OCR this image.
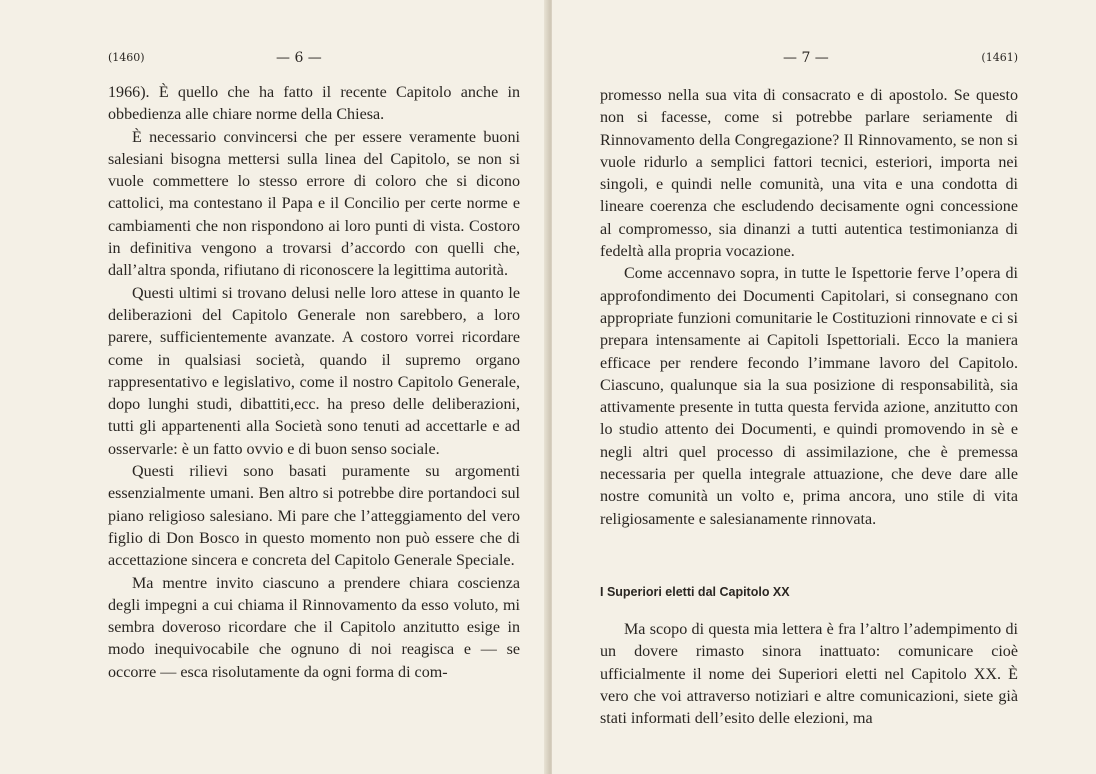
(1460)	— 6 —

1966). È quello che ha fatto il recente Capitolo anche in obbedienza alle chiare norme della Chiesa.

È necessario convincersi che per essere veramente buoni salesiani bisogna mettersi sulla linea del Capitolo, se non si vuole commettere lo stesso errore di coloro che si dicono cattolici, ma contestano il Papa e il Concilio per certe norme e cambiamenti che non rispondono ai loro punti di vista. Costoro in definitiva vengono a trovarsi d’accordo con quelli che, dall’altra sponda, rifiutano di riconoscere la legittima autorità.

Questi ultimi si trovano delusi nelle loro attese in quanto le deliberazioni del Capitolo Generale non sarebbero, a loro parere, sufficientemente avanzate. A costoro vorrei ricordare come in qualsiasi società, quando il supremo organo rappresentativo e legislativo, come il nostro Capitolo Generale, dopo lunghi studi, dibattiti,ecc. ha preso delle deliberazioni, tutti gli appartenenti alla Società sono tenuti ad accettarle e ad osservarle: è un fatto ovvio e di buon senso sociale.

Questi rilievi sono basati puramente su argomenti essenzialmente umani. Ben altro si potrebbe dire portandoci sul piano religioso salesiano. Mi pare che l’atteggiamento del vero figlio di Don Bosco in questo momento non può essere che di accettazione sincera e concreta del Capitolo Generale Speciale.

Ma mentre invito ciascuno a prendere chiara coscienza degli impegni a cui chiama il Rinnovamento da esso voluto, mi sembra doveroso ricordare che il Capitolo anzitutto esige in modo inequivocabile che ognuno di noi reagisca e — se occorre — esca risolutamente da ogni forma di com-

— 7 —	(1461)

promesso nella sua vita di consacrato e di apostolo. Se questo non si facesse, come si potrebbe parlare seriamente di Rinnovamento della Congregazione? Il Rinnovamento, se non si vuole ridurlo a semplici fattori tecnici, esteriori, importa nei singoli, e quindi nelle comunità, una vita e una condotta di lineare coerenza che escludendo decisamente ogni concessione al compromesso, sia dinanzi a tutti autentica testimonianza di fedeltà alla propria vocazione.

Come accennavo sopra, in tutte le Ispettorie ferve l’opera di approfondimento dei Documenti Capitolari, si consegnano con appropriate funzioni comunitarie le Costituzioni rinnovate e ci si prepara intensamente ai Capitoli Ispettoriali. Ecco la maniera efficace per rendere fecondo l’immane lavoro del Capitolo. Ciascuno, qualunque sia la sua posizione di responsabilità, sia attivamente presente in tutta questa fervida azione, anzitutto con lo studio attento dei Documenti, e quindi promovendo in sè e negli altri quel processo di assimilazione, che è premessa necessaria per quella integrale attuazione, che deve dare alle nostre comunità un volto e, prima ancora, uno stile di vita religiosamente e salesianamente rinnovata.

I Superiori eletti dal Capitolo XX

Ma scopo di questa mia lettera è fra l’altro l’adempimento di un dovere rimasto sinora inattuato: comunicare cioè ufficialmente il nome dei Superiori eletti nel Capitolo XX. È vero che voi attraverso notiziari e altre comunicazioni, siete già stati informati dell’esito delle elezioni, ma
